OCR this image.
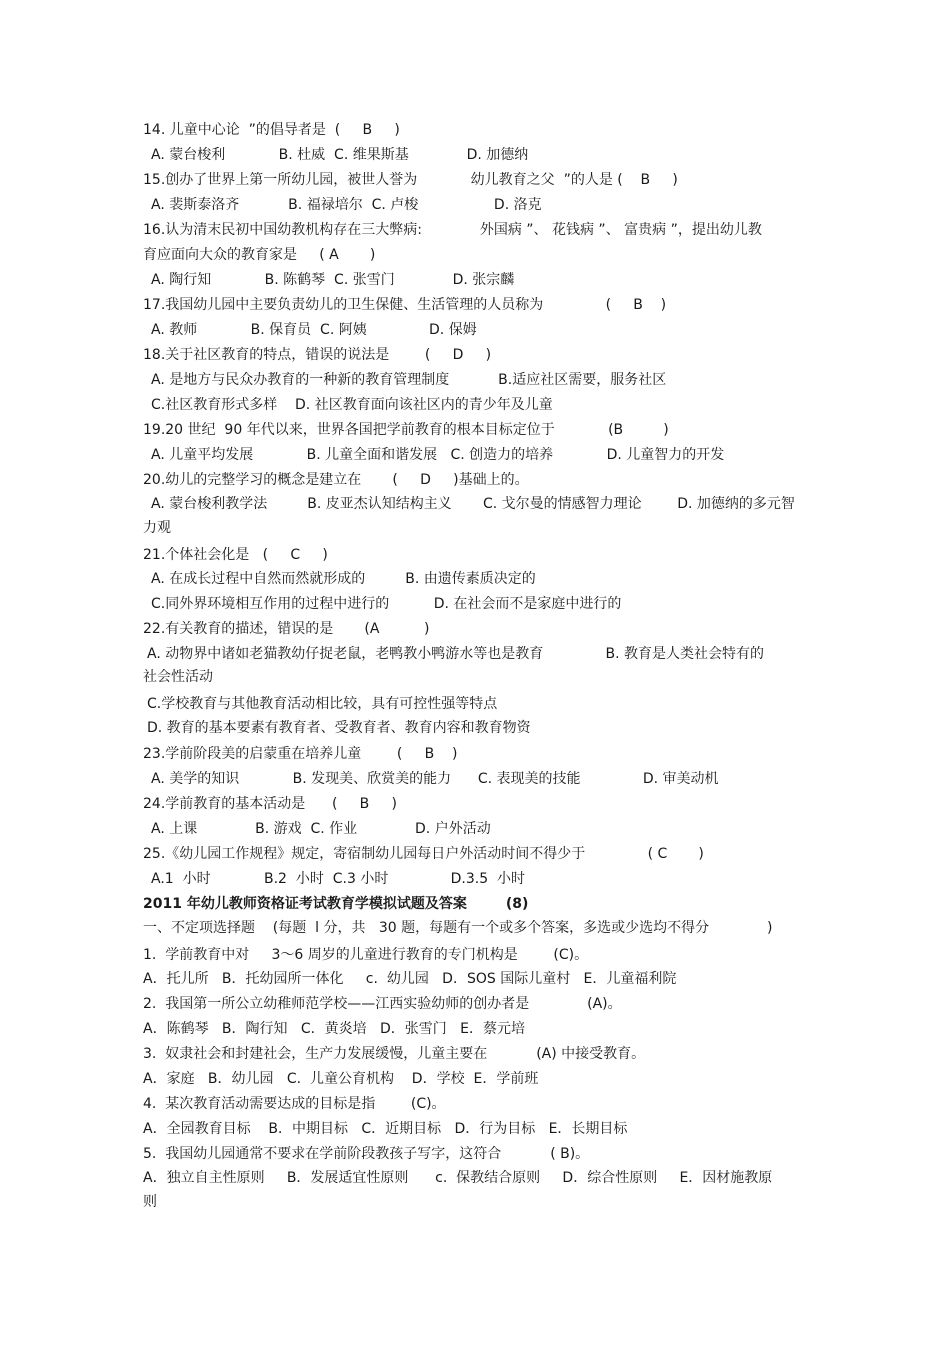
14. 儿童中心论  ”的倡导者是  (     B     )
A. 蒙台梭利            B. 杜威  C. 维果斯基             D. 加德纳
15.创办了世界上第一所幼儿园，被世人誉为            幼儿教育之父  ”的人是 (    B     )
A. 裴斯泰洛齐           B. 福禄培尔  C. 卢梭                 D. 洛克
16.认为清末民初中国幼教机构存在三大弊病:             外国病 ”、 花钱病 ”、 富贵病 ”，提出幼儿教
育应面向大众的教育家是     ( A       )
A. 陶行知            B. 陈鹤琴  C. 张雪门             D. 张宗麟
17.我国幼儿园中主要负责幼儿的卫生保健、生活管理的人员称为              (     B    )
A. 教师            B. 保育员  C. 阿姨              D. 保姆
18.关于社区教育的特点，错误的说法是        (     D     )
A. 是地方与民众办教育的一种新的教育管理制度           B.适应社区需要，服务社区
C.社区教育形式多样    D. 社区教育面向该社区内的青少年及儿童
19.20 世纪  90 年代以来，世界各国把学前教育的根本目标定位于            (B         )
A. 儿童平均发展            B. 儿童全面和谐发展   C. 创造力的培养            D. 儿童智力的开发
20.幼儿的完整学习的概念是建立在       (     D     )基础上的。
A. 蒙台梭利教学法         B. 皮亚杰认知结构主义       C. 戈尔曼的情感智力理论        D. 加德纳的多元智
力观
21.个体社会化是   (     C     )
A. 在成长过程中自然而然就形成的         B. 由遗传素质决定的
C.同外界环境相互作用的过程中进行的          D. 在社会而不是家庭中进行的
22.有关教育的描述，错误的是       (A          )
A. 动物界中诸如老猫教幼仔捉老鼠，老鸭教小鸭游水等也是教育              B. 教育是人类社会特有的
社会性活动
C.学校教育与其他教育活动相比较，具有可控性强等特点
D. 教育的基本要素有教育者、受教育者、教育内容和教育物资
23.学前阶段美的启蒙重在培养儿童        (     B    )
A. 美学的知识            B. 发现美、欣赏美的能力      C. 表现美的技能              D. 审美动机
24.学前教育的基本活动是      (     B     )
A. 上课             B. 游戏  C. 作业             D. 户外活动
25.《幼儿园工作规程》规定，寄宿制幼儿园每日户外活动时间不得少于              ( C       )
A.1  小时            B.2  小时  C.3 小时              D.3.5  小时
2011 年幼儿教师资格证考试教育学模拟试题及答案        (8)
一、不定项选择题    (每题  l 分，共   30 题，每题有一个或多个答案，多选或少选均不得分             )
1.  学前教育中对     3～6 周岁的儿童进行教育的专门机构是        (C)。
A．托儿所   B．托幼园所一体化     c.  幼儿园   D．SOS 国际儿童村   E．儿童福利院
2.  我国第一所公立幼稚师范学校——江西实验幼师的创办者是             (A)。
A．陈鹤琴   B．陶行知   C．黄炎培   D．张雪门   E．蔡元培
3.  奴隶社会和封建社会，生产力发展缓慢，儿童主要在           (A) 中接受教育。
A．家庭   B．幼儿园   C.  儿童公育机构    D．学校  E．学前班
4.  某次教育活动需要达成的目标是指        (C)。
A．全园教育目标    B．中期目标   C．近期目标   D．行为目标   E．长期目标
5.  我国幼儿园通常不要求在学前阶段教孩子写字，这符合           ( B)。
A．独立自主性原则     B．发展适宜性原则      c.  保教结合原则     D．综合性原则     E．因材施教原
则
